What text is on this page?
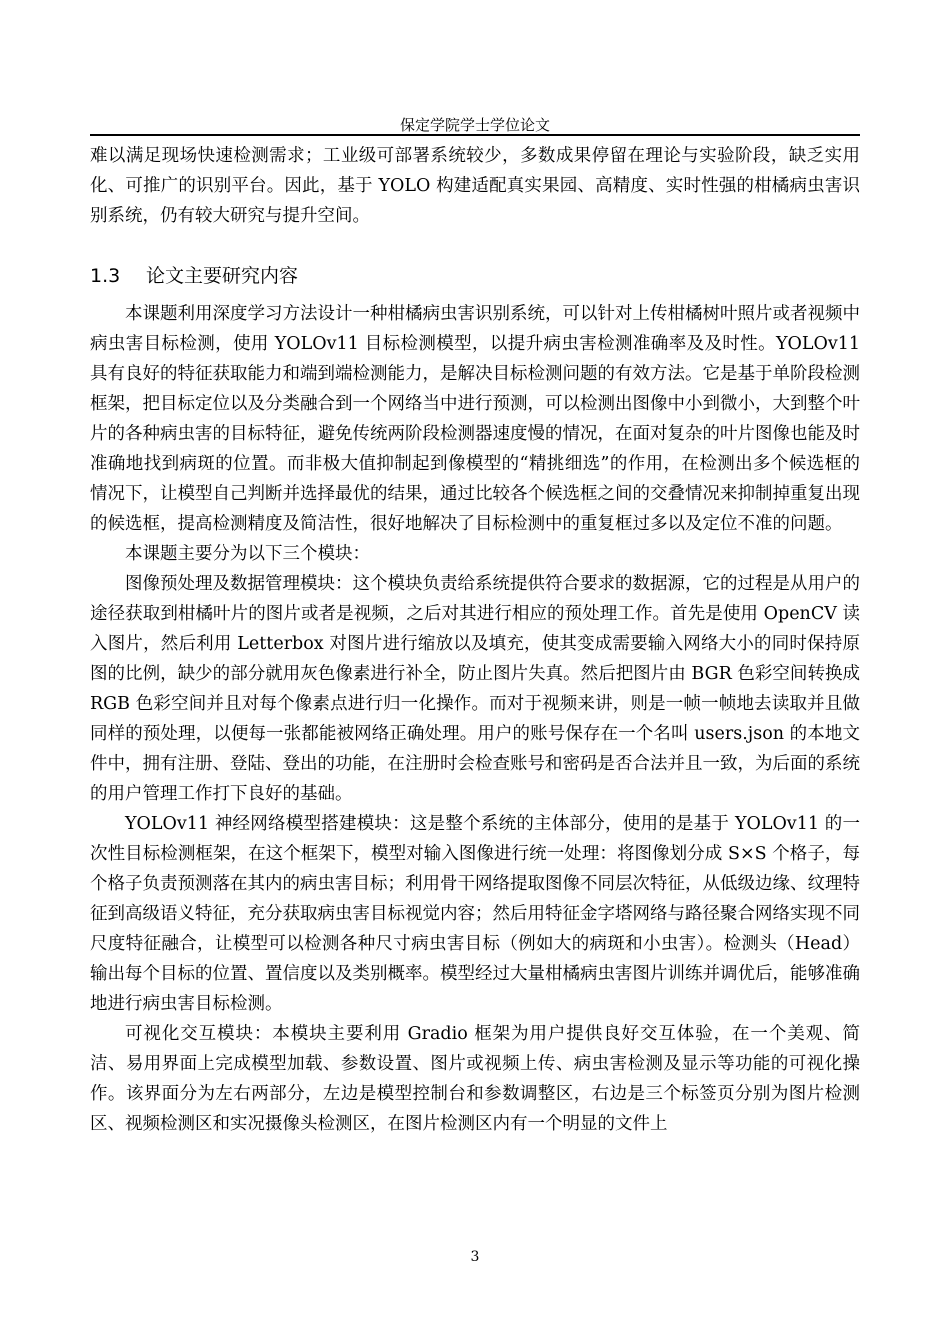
保定学院学士学位论文

难以满足现场快速检测需求；工业级可部署系统较少，多数成果停留在理论与实验阶段，缺乏实用化、可推广的识别平台。因此，基于 YOLO 构建适配真实果园、高精度、实时性强的柑橘病虫害识别系统，仍有较大研究与提升空间。

1.3 论文主要研究内容

本课题利用深度学习方法设计一种柑橘病虫害识别系统，可以针对上传柑橘树叶照片或者视频中病虫害目标检测，使用 YOLOv11 目标检测模型，以提升病虫害检测准确率及及时性。YOLOv11 具有良好的特征获取能力和端到端检测能力，是解决目标检测问题的有效方法。它是基于单阶段检测框架，把目标定位以及分类融合到一个网络当中进行预测，可以检测出图像中小到微小，大到整个叶片的各种病虫害的目标特征，避免传统两阶段检测器速度慢的情况，在面对复杂的叶片图像也能及时准确地找到病斑的位置。而非极大值抑制起到像模型的“精挑细选”的作用，在检测出多个候选框的情况下，让模型自己判断并选择最优的结果，通过比较各个候选框之间的交叠情况来抑制掉重复出现的候选框，提高检测精度及简洁性，很好地解决了目标检测中的重复框过多以及定位不准的问题。

本课题主要分为以下三个模块：

图像预处理及数据管理模块：这个模块负责给系统提供符合要求的数据源，它的过程是从用户的途径获取到柑橘叶片的图片或者是视频，之后对其进行相应的预处理工作。首先是使用 OpenCV 读入图片，然后利用 Letterbox 对图片进行缩放以及填充，使其变成需要输入网络大小的同时保持原图的比例，缺少的部分就用灰色像素进行补全，防止图片失真。然后把图片由 BGR 色彩空间转换成 RGB 色彩空间并且对每个像素点进行归一化操作。而对于视频来讲，则是一帧一帧地去读取并且做同样的预处理，以便每一张都能被网络正确处理。用户的账号保存在一个名叫 users.json 的本地文件中，拥有注册、登陆、登出的功能，在注册时会检查账号和密码是否合法并且一致，为后面的系统的用户管理工作打下良好的基础。

YOLOv11 神经网络模型搭建模块：这是整个系统的主体部分，使用的是基于 YOLOv11 的一次性目标检测框架，在这个框架下，模型对输入图像进行统一处理：将图像划分成 S×S 个格子，每个格子负责预测落在其内的病虫害目标；利用骨干网络提取图像不同层次特征，从低级边缘、纹理特征到高级语义特征，充分获取病虫害目标视觉内容；然后用特征金字塔网络与路径聚合网络实现不同尺度特征融合，让模型可以检测各种尺寸病虫害目标（例如大的病斑和小虫害）。检测头（Head）输出每个目标的位置、置信度以及类别概率。模型经过大量柑橘病虫害图片训练并调优后，能够准确地进行病虫害目标检测。

可视化交互模块：本模块主要利用 Gradio 框架为用户提供良好交互体验，在一个美观、简洁、易用界面上完成模型加载、参数设置、图片或视频上传、病虫害检测及显示等功能的可视化操作。该界面分为左右两部分，左边是模型控制台和参数调整区，右边是三个标签页分别为图片检测区、视频检测区和实况摄像头检测区，在图片检测区内有一个明显的文件上

3
